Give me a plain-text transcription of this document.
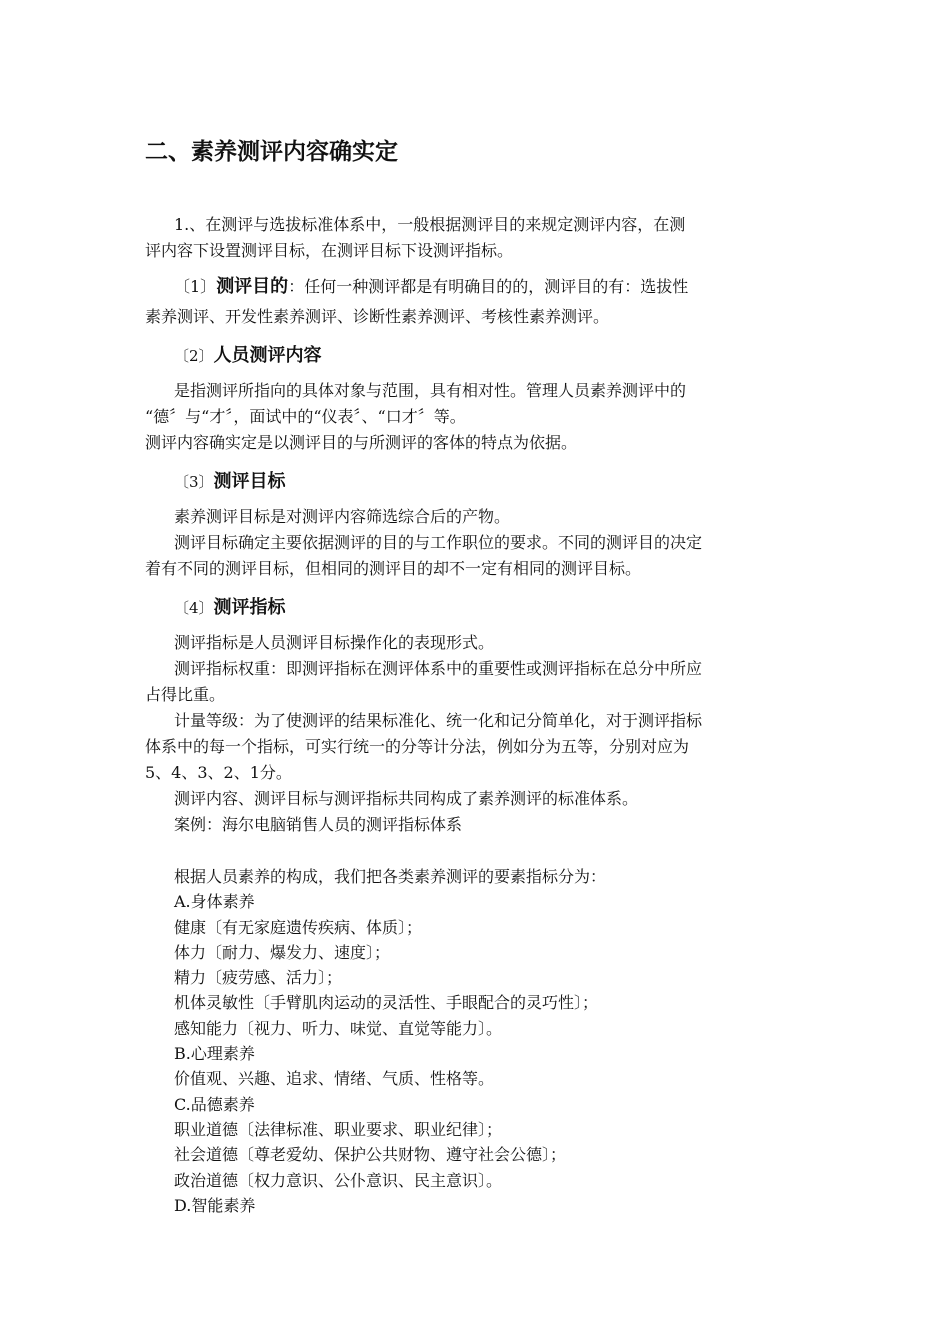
二、素养测评内容确实定

1.、在测评与选拔标准体系中，一般根据测评目的来规定测评内容，在测

评内容下设置测评目标，在测评目标下设测评指标。

〔1〕测评目的：任何一种测评都是有明确目的的，测评目的有：选拔性

素养测评、开发性素养测评、诊断性素养测评、考核性素养测评。

〔2〕人员测评内容

是指测评所指向的具体对象与范围，具有相对性。管理人员素养测评中的

“德〞与“才〞，面试中的“仪表〞、“口才〞等。

测评内容确实定是以测评目的与所测评的客体的特点为依据。

〔3〕测评目标

素养测评目标是对测评内容筛选综合后的产物。

测评目标确定主要依据测评的目的与工作职位的要求。不同的测评目的决定

着有不同的测评目标，但相同的测评目的却不一定有相同的测评目标。

〔4〕测评指标

测评指标是人员测评目标操作化的表现形式。

测评指标权重：即测评指标在测评体系中的重要性或测评指标在总分中所应

占得比重。

计量等级：为了使测评的结果标准化、统一化和记分简单化，对于测评指标

体系中的每一个指标，可实行统一的分等计分法，例如分为五等，分别对应为

5、4、3、2、1分。

测评内容、测评目标与测评指标共同构成了素养测评的标准体系。

案例：海尔电脑销售人员的测评指标体系

根据人员素养的构成，我们把各类素养测评的要素指标分为：

A.身体素养

健康〔有无家庭遗传疾病、体质〕；

体力〔耐力、爆发力、速度〕；

精力〔疲劳感、活力〕；

机体灵敏性〔手臂肌肉运动的灵活性、手眼配合的灵巧性〕；

感知能力〔视力、听力、味觉、直觉等能力〕。

B.心理素养

价值观、兴趣、追求、情绪、气质、性格等。

C.品德素养

职业道德〔法律标准、职业要求、职业纪律〕；

社会道德〔尊老爱幼、保护公共财物、遵守社会公德〕；

政治道德〔权力意识、公仆意识、民主意识〕。

D.智能素养
